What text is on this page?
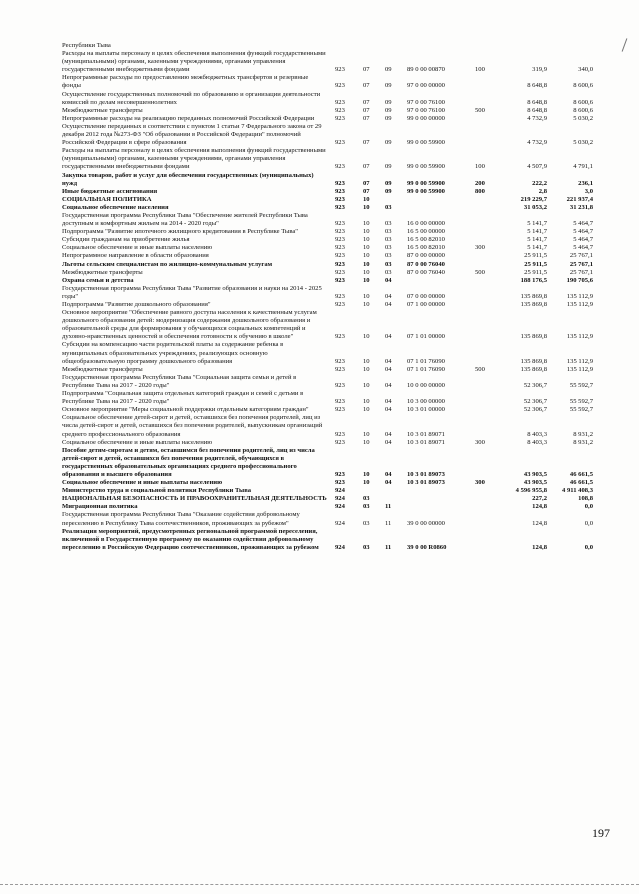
Республики Тыва
Расходы на выплаты персоналу в целях обеспечения выполнения функций государственными (муниципальными) органами, казенными учреждениями, органами управления государственными внебюджетными фондами	923	07	09	89 0 00 00870	100	319,9	340,0
Непрограммные расходы по предоставлению межбюджетных трансфертов и резервные фонды	923	07	09	97 0 00 00000	8 648,8	8 600,6
Осуществление государственных полномочий по образованию и организации деятельности комиссий по делам несовершеннолетних	923	07	09	97 0 00 76100	8 648,8	8 600,6
Межбюджетные трансферты	923	07	09	97 0 00 76100	500	8 648,8	8 600,6
Непрограммные расходы на реализацию переданных полномочий Российской Федерации	923	07	09	99 0 00 00000	4 732,9	5 030,2
Осуществление переданных в соответствии с пунктом 1 статьи 7 Федерального закона от 29 декабря 2012 года №273-ФЗ "Об образовании в Российской Федерации" полномочий Российской Федерации в сфере образования	923	07	09	99 0 00 59900	4 732,9	5 030,2
Расходы на выплаты персоналу в целях обеспечения выполнения функций государственными (муниципальными) органами, казенными учреждениями, органами управления государственными внебюджетными фондами	923	07	09	99 0 00 59900	100	4 507,9	4 791,1
Закупка товаров, работ и услуг для обеспечения государственных (муниципальных) нужд	923	07	09	99 0 00 59900	200	222,2	236,1
Иные бюджетные ассигнования	923	07	09	99 0 00 59900	800	2,8	3,0
СОЦИАЛЬНАЯ ПОЛИТИКА	923	10	219 229,7	221 937,4
Социальное обеспечение населения	923	10	03	31 053,2	31 231,8
Государственная программа Республики Тыва "Обеспечение жителей Республики Тыва доступным и комфортным жильем на 2014 - 2020 годы"	923	10	03	16 0 00 00000	5 141,7	5 464,7
Подпрограмма "Развитие ипотечного жилищного кредитования в Республике Тыва"	923	10	03	16 5 00 00000	5 141,7	5 464,7
Субсидии гражданам на приобретение жилья	923	10	03	16 5 00 82010	5 141,7	5 464,7
Социальное обеспечение и иные выплаты населению	923	10	03	16 5 00 82010	300	5 141,7	5 464,7
Непрограммное направление в области образования	923	10	03	87 0 00 00000	25 911,5	25 767,1
Льготы сельским специалистам по жилищно-коммунальным услугам	923	10	03	87 0 00 76040	25 911,5	25 767,1
Межбюджетные трансферты	923	10	03	87 0 00 76040	500	25 911,5	25 767,1
Охрана семьи и детства	923	10	04	188 176,5	190 705,6
Государственная программа Республики Тыва "Развитие образования и науки на 2014 - 2025 годы"	923	10	04	07 0 00 00000	135 869,8	135 112,9
Подпрограмма "Развитие дошкольного образования"	923	10	04	07 1 00 00000	135 869,8	135 112,9
Основное мероприятие "Обеспечение равного доступа населения к качественным услугам дошкольного образования детей: модернизация содержания дошкольного образования и образовательной среды для формирования у обучающихся социальных компетенций и духовно-нравственных ценностей и обеспечения готовности к обучению в школе"	923	10	04	07 1 01 00000	135 869,8	135 112,9
Субсидии на компенсацию части родительской платы за содержание ребенка в муниципальных образовательных учреждениях, реализующих основную общеобразовательную программу дошкольного образования	923	10	04	07 1 01 76090	135 869,8	135 112,9
Межбюджетные трансферты	923	10	04	07 1 01 76090	500	135 869,8	135 112,9
Государственная программа Республики Тыва "Социальная защита семьи и детей в Республике Тыва на 2017 - 2020 годы"	923	10	04	10 0 00 00000	52 306,7	55 592,7
Подпрограмма "Социальная защита отдельных категорий граждан и семей с детьми в Республике Тыва на 2017 - 2020 годы"	923	10	04	10 3 00 00000	52 306,7	55 592,7
Основное мероприятие "Меры социальной поддержки отдельным категориям граждан"	923	10	04	10 3 01 00000	52 306,7	55 592,7
Социальное обеспечение детей-сирот и детей, оставшихся без попечения родителей, лиц из числа детей-сирот и детей, оставшихся без попечения родителей, выпускникам организаций среднего профессионального образования	923	10	04	10 3 01 89071	8 403,3	8 931,2
Социальное обеспечение и иные выплаты населению	923	10	04	10 3 01 89071	300	8 403,3	8 931,2
Пособие детям-сиротам и детям, оставшимся без попечения родителей, лиц из числа детей-сирот и детей, оставшихся без попечения родителей, обучающихся в государственных образовательных организациях среднего профессионального образования и высшего образования	923	10	04	10 3 01 89073	43 903,5	46 661,5
Социальное обеспечение и иные выплаты населению	923	10	04	10 3 01 89073	300	43 903,5	46 661,5
Министерство труда и социальной политики Республики Тыва	924	4 596 955,8	4 911 408,3
НАЦИОНАЛЬНАЯ БЕЗОПАСНОСТЬ И ПРАВООХРАНИТЕЛЬНАЯ ДЕЯТЕЛЬНОСТЬ	924	03	227,2	108,8
Миграционная политика	924	03	11	124,8	0,0
Государственная программа Республики Тыва "Оказание содействия добровольному переселению в Республику Тыва соотечественников, проживающих за рубежом"	924	03	11	39 0 00 00000	124,8	0,0
Реализация мероприятий, предусмотренных региональной программой переселения, включенной в Государственную программу по оказанию содействия добровольному переселению в Российскую Федерацию соотечественников, проживающих за рубежом	924	03	11	39 0 00 R0860	124,8	0,0
197
